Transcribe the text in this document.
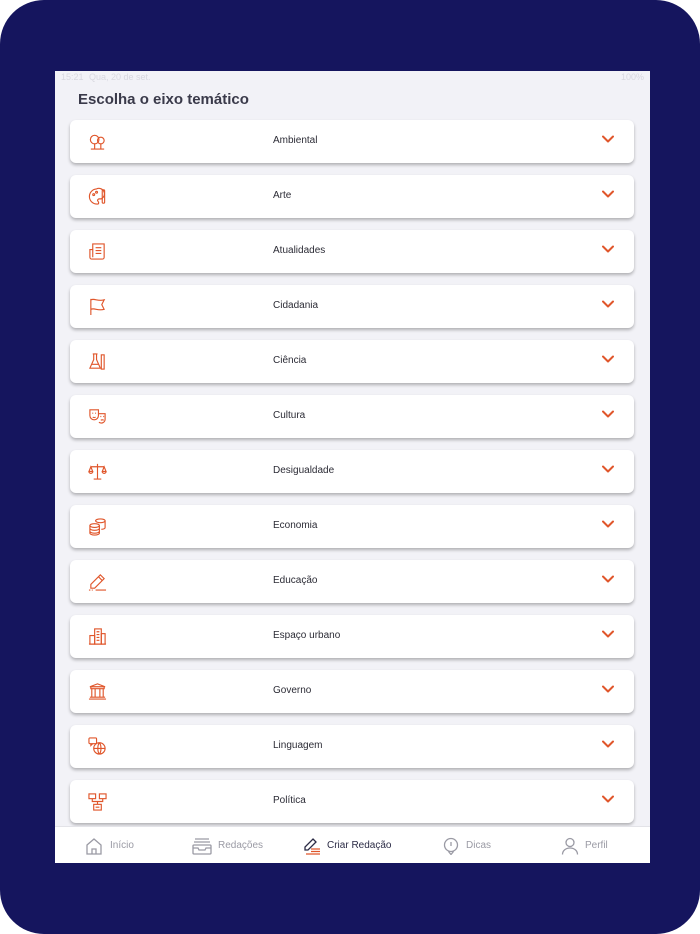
15:21 Qua, 20 de set.	100%
Escolha o eixo temático
Ambiental
Arte
Atualidades
Cidadania
Ciência
Cultura
Desigualdade
Economia
Educação
Espaço urbano
Governo
Linguagem
Política
Início	Redações	Criar Redação	Dicas	Perfil
